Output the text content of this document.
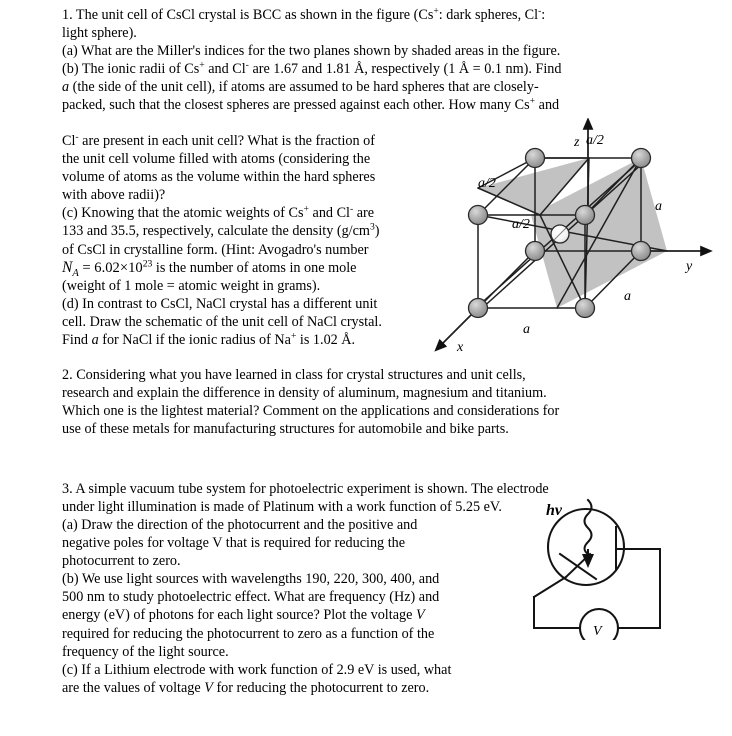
1. The unit cell of CsCl crystal is BCC as shown in the figure (Cs+: dark spheres, Cl-:

light sphere).

(a) What are the Miller's indices for the two planes shown by shaded areas in the figure.

(b) The ionic radii of Cs+ and Cl- are 1.67 and 1.81 Å, respectively (1 Å = 0.1 nm). Find

a (the side of the unit cell), if atoms are assumed to be hard spheres that are closely-

packed, such that the closest spheres are pressed against each other. How many Cs+ and

Cl- are present in each unit cell? What is the fraction of

the unit cell volume filled with atoms (considering the

volume of atoms as the volume within the hard spheres

with above radii)?

(c) Knowing that the atomic weights of Cs+ and Cl- are

133 and 35.5, respectively, calculate the density $(g/cm^3)$

of CsCl in crystalline form. (Hint: Avogadro's number

$N_A = 6.02\times 10^{23}$ is the number of atoms in one mole

(weight of 1 mole = atomic weight in grams).

(d) In contrast to CsCl, NaCl crystal has a different unit

cell. Draw the schematic of the unit cell of NaCl crystal.

Find a for NaCl if the ionic radius of Na+ is 1.02 Å.

z
y
x
a/2
a/2
a/2
a
a
a

2. Considering what you have learned in class for crystal structures and unit cells,

research and explain the difference in density of aluminum, magnesium and titanium.

Which one is the lightest material? Comment on the applications and considerations for

use of these metals for manufacturing structures for automobile and bike parts.

3. A simple vacuum tube system for photoelectric experiment is shown. The electrode

under light illumination is made of Platinum with a work function of 5.25 eV.

(a) Draw the direction of the photocurrent and the positive and

negative poles for voltage V that is required for reducing the

photocurrent to zero.

(b) We use light sources with wavelengths 190, 220, 300, 400, and

500 nm to study photoelectric effect. What are frequency (Hz) and

energy (eV) of photons for each light source? Plot the voltage V

required for reducing the photocurrent to zero as a function of the

frequency of the light source.

(c) If a Lithium electrode with work function of 2.9 eV is used, what

are the values of voltage V for reducing the photocurrent to zero.

hν
V
